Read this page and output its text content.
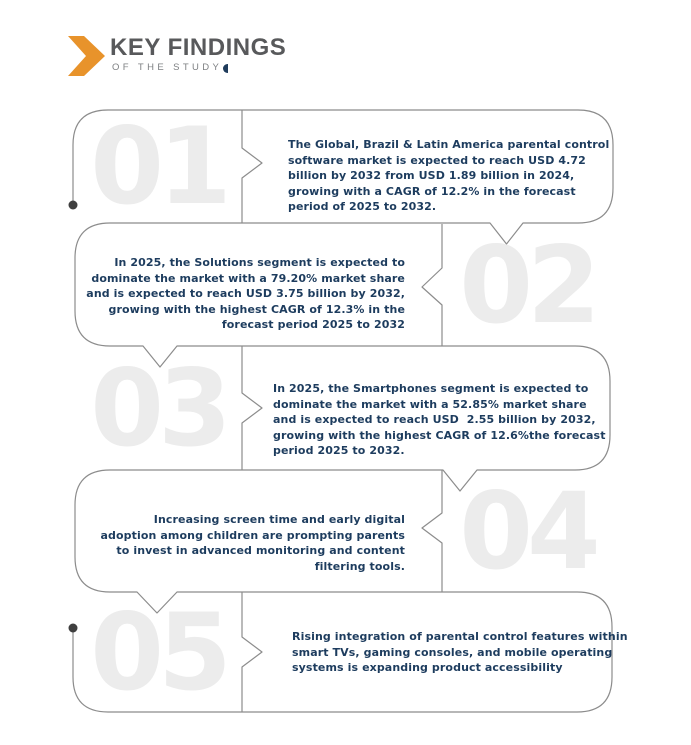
KEY FINDINGS
OF THE STUDY
01	The Global, Brazil & Latin America parental control software market is expected to reach USD 4.72 billion by 2032 from USD 1.89 billion in 2024, growing with a CAGR of 12.2% in the forecast period of 2025 to 2032.
02
In 2025, the Solutions segment is expected to dominate the market with a 79.20% market share and is expected to reach USD 3.75 billion by 2032, growing with the highest CAGR of 12.3% in the forecast period 2025 to 2032
03	In 2025, the Smartphones segment is expected to dominate the market with a 52.85% market share and is expected to reach USD  2.55 billion by 2032, growing with the highest CAGR of 12.6%the forecast period 2025 to 2032.
04
Increasing screen time and early digital adoption among children are prompting parents to invest in advanced monitoring and content filtering tools.
05	Rising integration of parental control features within smart TVs, gaming consoles, and mobile operating systems is expanding product accessibility
